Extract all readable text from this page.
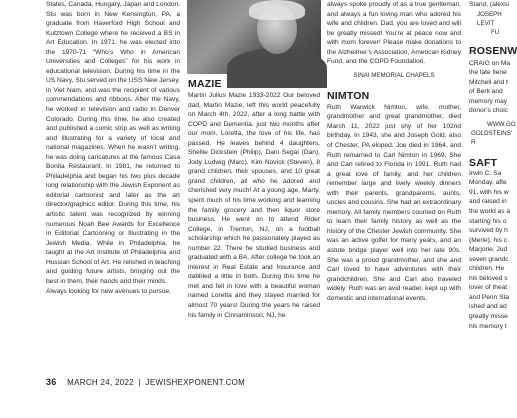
States, Canada, Hungary, Japan and London. Stu was born in New Kensington, PA, a graduate from Haverford High School and Kutztown College where he received a BS in Art Education. In 1971, he was elected into the 1970-71 “Who’s Who in American Universities and Colleges” for his work in educational television. During his time in the US Navy, Stu served on the USS New Jersey, in Viet Nam, and was the recipient of various commendations and ribbons. After the Navy, he worked in television and radio in Denver Colorado. During this time, he also created and published a comic strip as well as writing and illustrating for a variety of local and national magazines. When he wasn’t writing, he was doing caricatures at the famous Casa Bonita Restaurant. In 1981, he returned to Philadelphia and began his two plus decade long relationship with the Jewish Exponent as editorial cartoonist and later as the art director/graphics editor. During this time, his artistic talent was recognized by winning numerous Noah Bee Awards for Excellence in Editorial Cartooning or Illustrating in the Jewish Media. While in Philadelphia, he taught at the Art Institute of Philadelphia and Hussian School of Art. He relished in teaching and guiding future artists, bringing out the best in them, their hands and their minds.

Always looking for new avenues to pursue,

MAZIE

Martin Julius Mazie 1933-2022 Our beloved dad, Martin Mazie, left this world peacefully on March 4th, 2022, after a long battle with COPD and Dementia, just two months after our mom, Loretta, the love of his life, has passed. He leaves behind 4 daughters, Shellie Dickstein (Philip), Dani Segal (Dan), Jody Ludwig (Marc), Kim Novick (Steven), 8 grand children, their spouses, and 10 great grand children, all who he adored and cherished very much! At a young age, Marty, spent much of his time working and learning the family grocery and then liquor store business. He went on to attend Rider College, in Trenton, NJ, on a football scholarship which he passionately played as number 22. There he studied business and graduated with a BA. After college he took an interest in Real Estate and Insurance and dabbled a little in both. During this time he met and fell in love with a beautiful woman named Loretta and they stayed married for almost 70 years! During the years he raised his family in Cinnaminson, NJ, he

always spoke proudly of as a true gentleman, and always a fun loving man who adored his wife and children. Dad, you are loved and will be greatly missed! You’re at peace now and with mom forever! Please make donations to the Alzheimer’s Association, American Kidney Fund, and the COPD Foundation.

SINAI MEMORIAL CHAPELS

NIMTON

Ruth Warwick Nimton, wife, mother, grandmother and great grandmother, died March 11, 2022 just shy of her 102nd birthday. In 1943, she and Joseph Gold, also of Chester, PA eloped. Joe died in 1964, and Ruth remarried to Carl Nimton in 1969. She and Carl retired to Florida in 1991. Ruth had a great love of family, and her children remember large and lively weekly dinners with their parents, grandparents, aunts, uncles and cousins. She had an extraordinary memory. All family members counted on Ruth to learn their family history as well as the history of the Chester Jewish community. She was an active golfer for many years, and an astute bridge player well into her late 90s. She was a proud grandmother, and she and Carl loved to have adventures with their grandchildren. She and Carl also traveled widely. Ruth was an avid reader, kept up with domestic and international events,

Stand, (alexsi

JOSEPH LEVIT

FU

ROSENW

CRAIG on Ma

the late Ilene

Mitchell and t

of Berk and

memory may

donor’s choic

WWW.GO

GOLDSTEINS’ R

SAFT

Irwin C. Sa

Monday, afte

91, with his w

and raised in

the world as a

starting his o

survived by h

(Merle), his c

Marjorie, Jud

seven grandc

children. He

his beloved s

lover of theat

and Penn Sta

ished and ad

greatly misse

his memory t

36 MARCH 24, 2022 | JEWISHEXPONENT.COM
